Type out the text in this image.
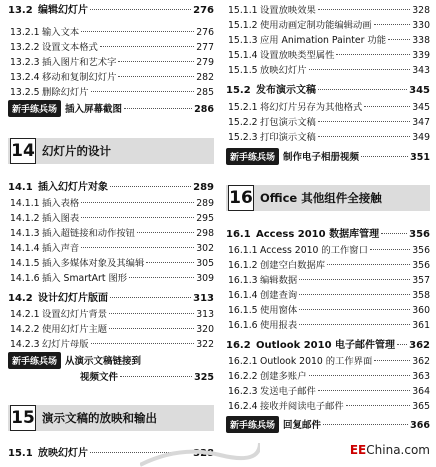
13.2 编辑幻灯片	276
13.2.1 输入文本	276
13.2.2 设置文本格式	277
13.2.3 插入图片和艺术字	279
13.2.4 移动和复制幻灯片	282
13.2.5 删除幻灯片	285
新手练兵场 插入屏幕截图	286
14 幻灯片的设计
14.1 插入幻灯片对象	289
14.1.1 插入表格	289
14.1.2 插入图表	295
14.1.3 插入超链接和动作按钮	298
14.1.4 插入声音	302
14.1.5 插入多媒体对象及其编辑	305
14.1.6 插入 SmartArt 图形	309
14.2 设计幻灯片版面	313
14.2.1 设置幻灯片背景	313
14.2.2 使用幻灯片主题	320
14.2.3 幻灯片母版	322
新手练兵场 从演示文稿链接到
视频文件	325
15 演示文稿的放映和输出
15.1 放映幻灯片	328
15.1.1 设置放映效果	328
15.1.2 使用动画定制功能编辑动画	330
15.1.3 应用 Animation Painter 功能	338
15.1.4 设置放映类型属性	339
15.1.5 放映幻灯片	343
15.2 发布演示文稿	345
15.2.1 将幻灯片另存为其他格式	345
15.2.2 打包演示文稿	347
15.2.3 打印演示文稿	349
新手练兵场 制作电子相册视频	351
16 Office 其他组件全接触
16.1 Access 2010 数据库管理	356
16.1.1 Access 2010 的工作窗口	356
16.1.2 创建空白数据库	356
16.1.3 编辑数据	357
16.1.4 创建查询	358
16.1.5 使用窗体	360
16.1.6 使用报表	361
16.2 Outlook 2010 电子邮件管理 362
16.2.1 Outlook 2010 的工作界面	362
16.2.2 创建多账户	363
16.2.3 发送电子邮件	364
16.2.4 接收并阅读电子邮件	365
新手练兵场 回复邮件	366
EEChina.com
